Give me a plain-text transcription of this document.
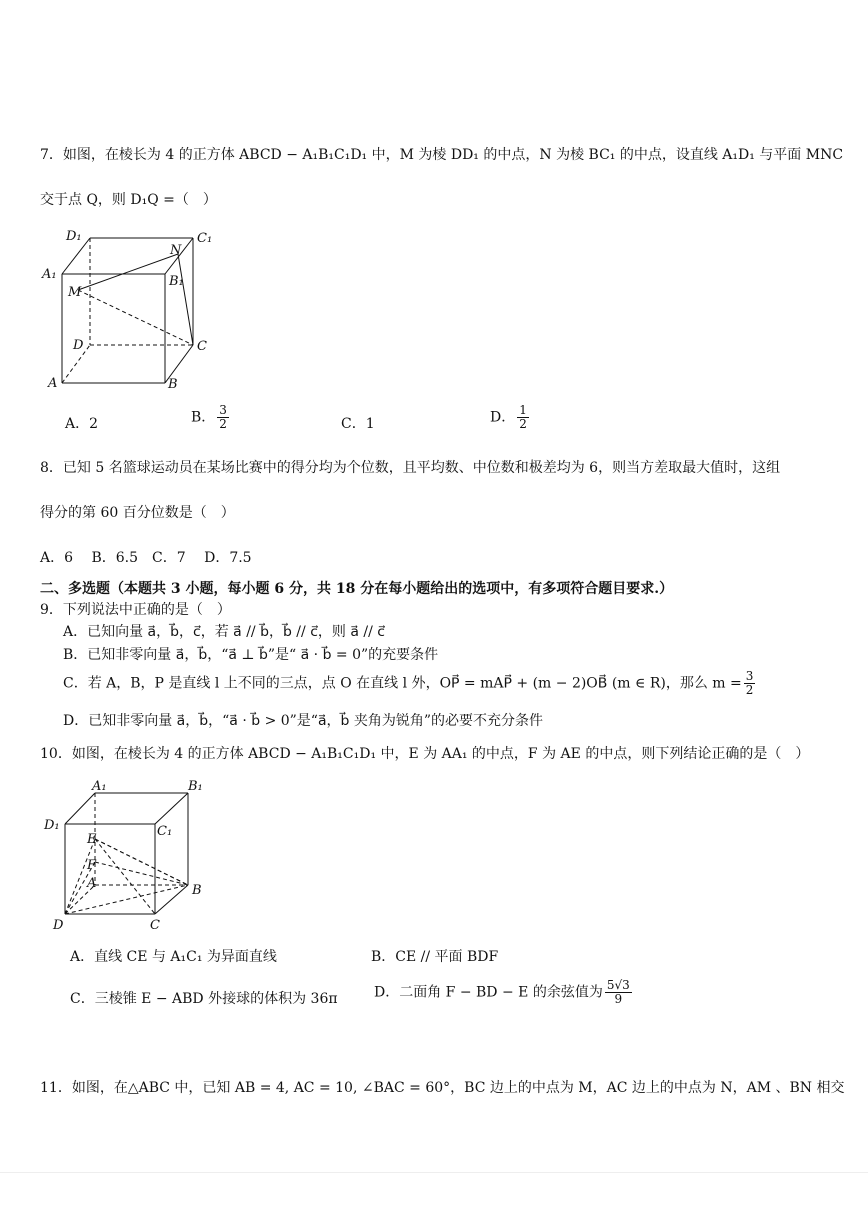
7．如图，在棱长为 4 的正方体 ABCD − A₁B₁C₁D₁ 中，M 为棱 DD₁ 的中点，N 为棱 BC₁ 的中点，设直线 A₁D₁ 与平面 MNC
交于点 Q，则 D₁Q =（　）
D₁	C₁
N
A₁	B₁
M
D	C
A	B
A．2	B． $\frac{3}{2}$	C．1	D． $\frac{1}{2}$
8．已知 5 名篮球运动员在某场比赛中的得分均为个位数，且平均数、中位数和极差均为 6，则当方差取最大值时，这组
得分的第 60 百分位数是（　）
A．6　 B．6.5　C．7　 D．7.5
二、多选题（本题共 3 小题，每小题 6 分，共 18 分在每小题给出的选项中，有多项符合题目要求.）
9．下列说法中正确的是（　）
A．已知向量 a⃗，b⃗，c⃗，若 a⃗ // b⃗，b⃗ // c⃗，则 a⃗ // c⃗
B．已知非零向量 a⃗，b⃗，“a⃗ ⊥ b⃗”是“ a⃗ · b⃗ = 0”的充要条件
C．若 A，B，P 是直线 l 上不同的三点，点 O 在直线 l 外，OP⃗ = mAP⃗ + (m − 2)OB⃗ (m ∈ R)，那么 $m = \frac{3}{2}$
D．已知非零向量 a⃗，b⃗，“a⃗ · b⃗ > 0”是“a⃗，b⃗ 夹角为锐角”的必要不充分条件
10．如图，在棱长为 4 的正方体 ABCD − A₁B₁C₁D₁ 中，E 为 AA₁ 的中点，F 为 AE 的中点，则下列结论正确的是（　）
A₁	B₁
D₁	C₁
E
F
A	B
D	C
A．直线 CE 与 A₁C₁ 为异面直线	B．CE // 平面 BDF
C．三棱锥 E − ABD 外接球的体积为 36π	D．二面角 F − BD − E 的余弦值为 $\frac{5√3}{9}$
11．如图，在△ABC 中，已知 AB = 4, AC = 10, ∠BAC = 60°，BC 边上的中点为 M，AC 边上的中点为 N，AM 、BN 相交
